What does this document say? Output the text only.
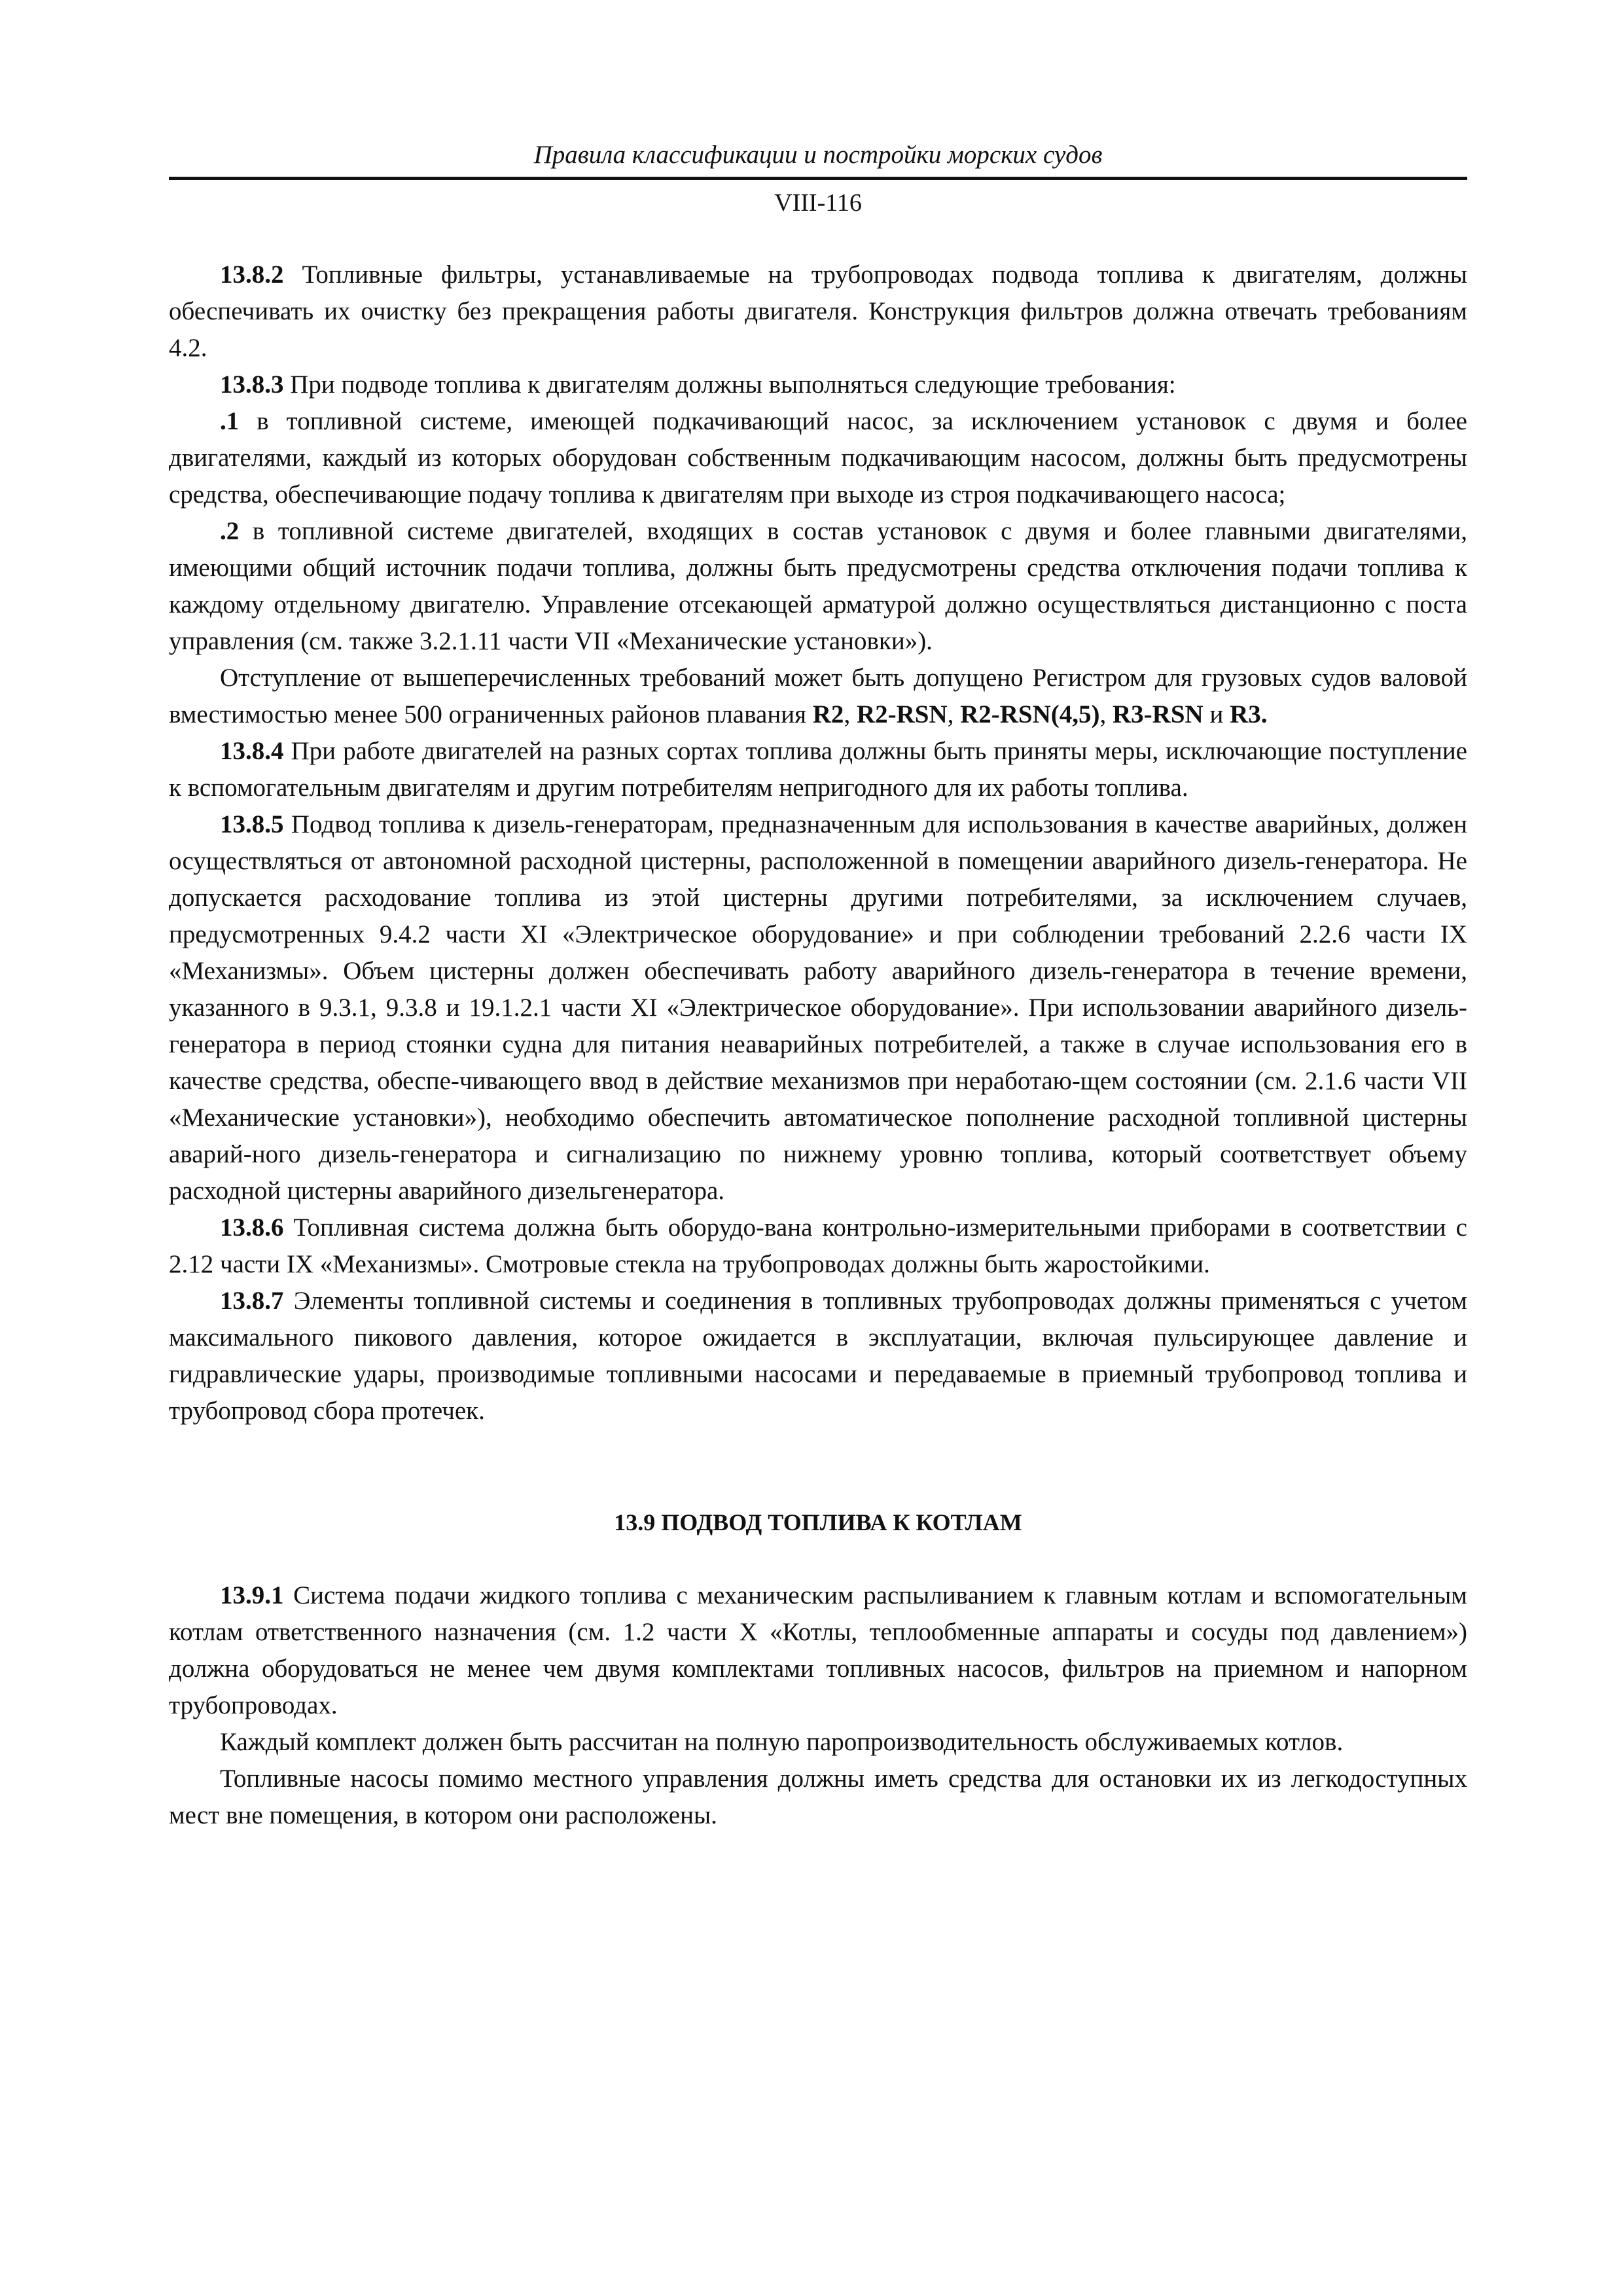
Правила классификации и постройки морских судов
VIII-116

13.8.2 Топливные фильтры, устанавливаемые на трубопроводах подвода топлива к двигателям, должны обеспечивать их очистку без прекращения работы двигателя. Конструкция фильтров должна отвечать требованиям 4.2.

13.8.3 При подводе топлива к двигателям должны выполняться следующие требования:

.1 в топливной системе, имеющей подкачивающий насос, за исключением установок с двумя и более двигателями, каждый из которых оборудован собственным подкачивающим насосом, должны быть предусмотрены средства, обеспечивающие подачу топлива к двигателям при выходе из строя подкачивающего насоса;

.2 в топливной системе двигателей, входящих в состав установок с двумя и более главными двигателями, имеющими общий источник подачи топлива, должны быть предусмотрены средства отключения подачи топлива к каждому отдельному двигателю. Управление отсекающей арматурой должно осуществляться дистанционно с поста управления (см. также 3.2.1.11 части VII «Механические установки»).

Отступление от вышеперечисленных требований может быть допущено Регистром для грузовых судов валовой вместимостью менее 500 ограниченных районов плавания R2, R2-RSN, R2-RSN(4,5), R3-RSN и R3.

13.8.4 При работе двигателей на разных сортах топлива должны быть приняты меры, исключающие поступление к вспомогательным двигателям и другим потребителям непригодного для их работы топлива.

13.8.5 Подвод топлива к дизель-генераторам, предназначенным для использования в качестве аварийных, должен осуществляться от автономной расходной цистерны, расположенной в помещении аварийного дизель-генератора. Не допускается расходование топлива из этой цистерны другими потребителями, за исключением случаев, предусмотренных 9.4.2 части XI «Электрическое оборудование» и при соблюдении требований 2.2.6 части IX «Механизмы». Объем цистерны должен обеспечивать работу аварийного дизель-генератора в течение времени, указанного в 9.3.1, 9.3.8 и 19.1.2.1 части XI «Электрическое оборудование». При использовании аварийного дизель-генератора в период стоянки судна для питания неаварийных потребителей, а также в случае использования его в качестве средства, обеспе-чивающего ввод в действие механизмов при неработаю-щем состоянии (см. 2.1.6 части VII «Механические установки»), необходимо обеспечить автоматическое пополнение расходной топливной цистерны аварий-ного дизель-генератора и сигнализацию по нижнему уровню топлива, который соответствует объему расходной цистерны аварийного дизельгенератора.

13.8.6 Топливная система должна быть оборудо-вана контрольно-измерительными приборами в соответствии с 2.12 части IX «Механизмы». Смотровые стекла на трубопроводах должны быть жаростойкими.

13.8.7 Элементы топливной системы и соединения в топливных трубопроводах должны применяться с учетом максимального пикового давления, которое ожидается в эксплуатации, включая пульсирующее давление и гидравлические удары, производимые топливными насосами и передаваемые в приемный трубопровод топлива и трубопровод сбора протечек.

13.9 ПОДВОД ТОПЛИВА К КОТЛАМ

13.9.1 Система подачи жидкого топлива с механическим распыливанием к главным котлам и вспомогательным котлам ответственного назначения (см. 1.2 части X «Котлы, теплообменные аппараты и сосуды под давлением») должна оборудоваться не менее чем двумя комплектами топливных насосов, фильтров на приемном и напорном трубопроводах.

Каждый комплект должен быть рассчитан на полную паропроизводительность обслуживаемых котлов.

Топливные насосы помимо местного управления должны иметь средства для остановки их из легкодоступных мест вне помещения, в котором они расположены.
